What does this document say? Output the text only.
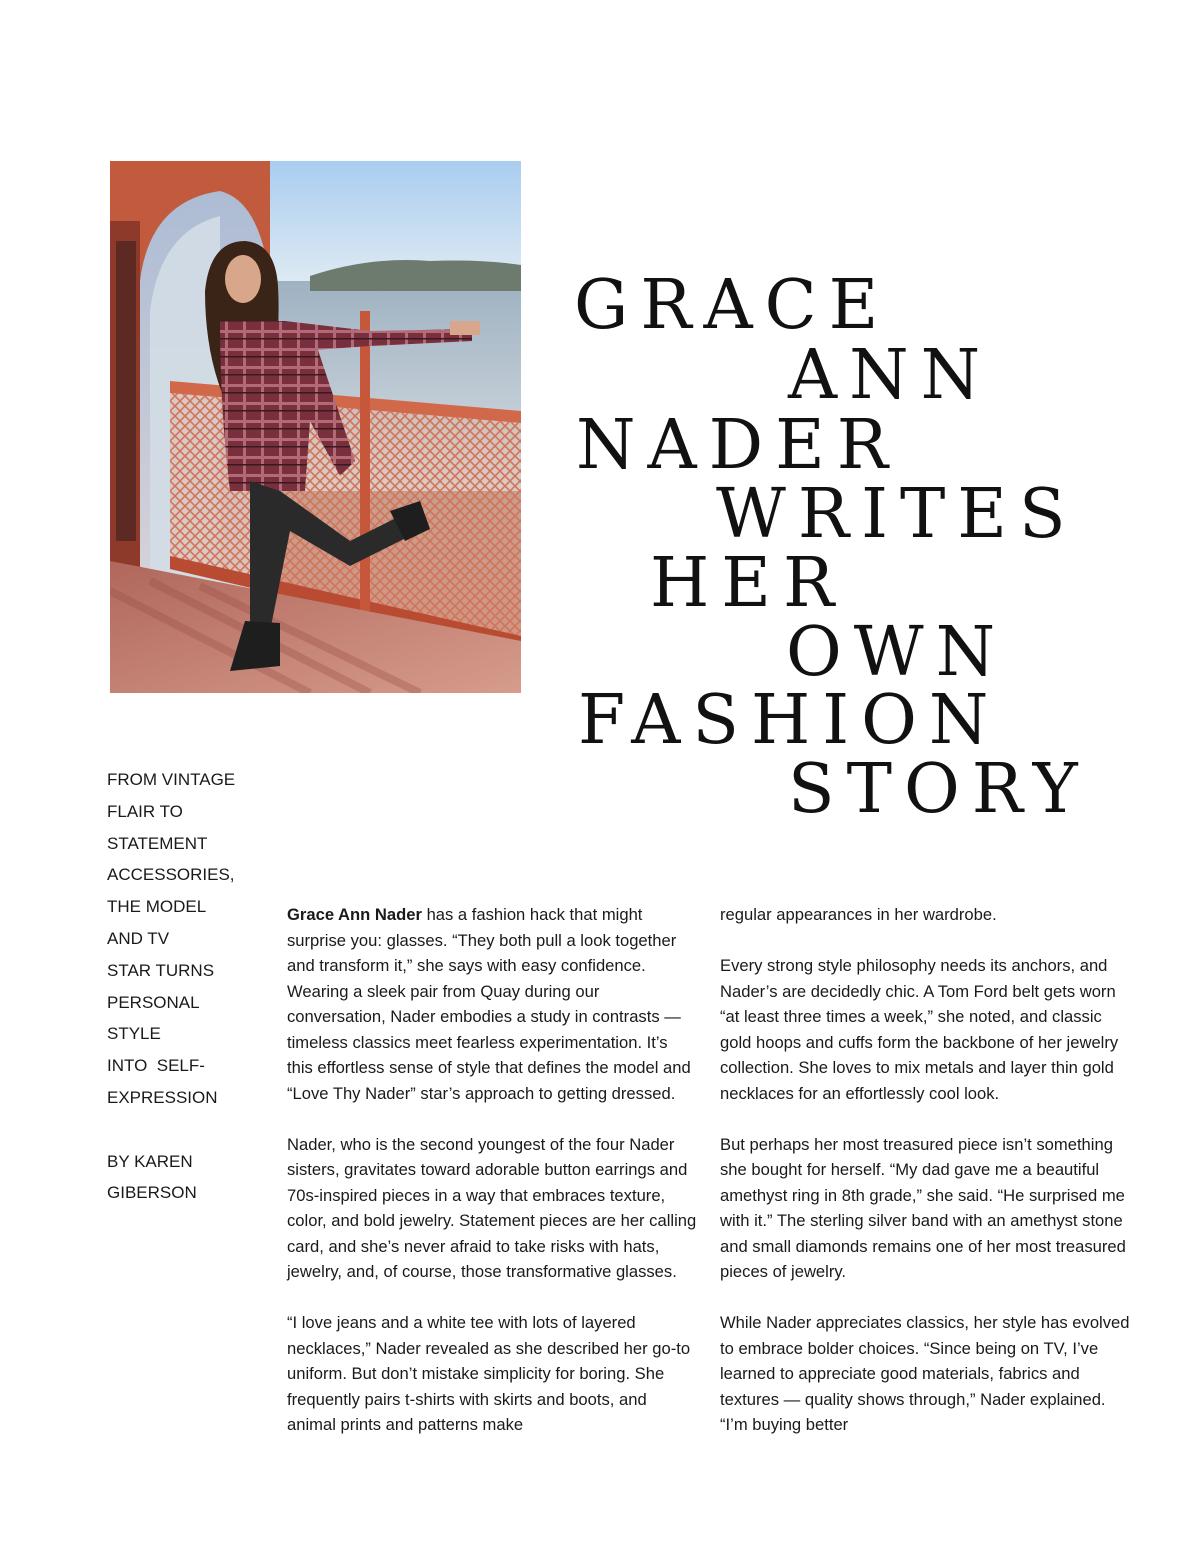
GRACE
ANN
NADER
WRITES
HER
OWN
FASHION
STORY

FROM VINTAGE

FLAIR TO

STATEMENT

ACCESSORIES,

THE MODEL

AND TV

STAR TURNS

PERSONAL

STYLE

INTO  SELF-

EXPRESSION

BY KAREN

GIBERSON

Grace Ann Nader has a fashion hack that might surprise you: glasses. “They both pull a look together and transform it,” she says with easy confidence. Wearing a sleek pair from Quay during our conversation, Nader embodies a study in contrasts — timeless classics meet fearless experimentation. It’s this effortless sense of style that defines the model and “Love Thy Nader” star’s approach to getting dressed.

Nader, who is the second youngest of the four Nader sisters, gravitates toward adorable button earrings and 70s-inspired pieces in a way that embraces texture, color, and bold jewelry. Statement pieces are her calling card, and she’s never afraid to take risks with hats, jewelry, and, of course, those transformative glasses.

“I love jeans and a white tee with lots of layered necklaces,” Nader revealed as she described her go-to uniform. But don’t mistake simplicity for boring. She frequently pairs t-shirts with skirts and boots, and animal prints and patterns make

regular appearances in her wardrobe.

Every strong style philosophy needs its anchors, and Nader’s are decidedly chic. A Tom Ford belt gets worn “at least three times a week,” she noted, and classic gold hoops and cuffs form the backbone of her jewelry collection. She loves to mix metals and layer thin gold necklaces for an effortlessly cool look.

But perhaps her most treasured piece isn’t something she bought for herself. “My dad gave me a beautiful amethyst ring in 8th grade,” she said. “He surprised me with it.” The sterling silver band with an amethyst stone and small diamonds remains one of her most treasured pieces of jewelry.

While Nader appreciates classics, her style has evolved to embrace bolder choices. “Since being on TV, I’ve learned to appreciate good materials, fabrics and textures — quality shows through,” Nader explained. “I’m buying better
